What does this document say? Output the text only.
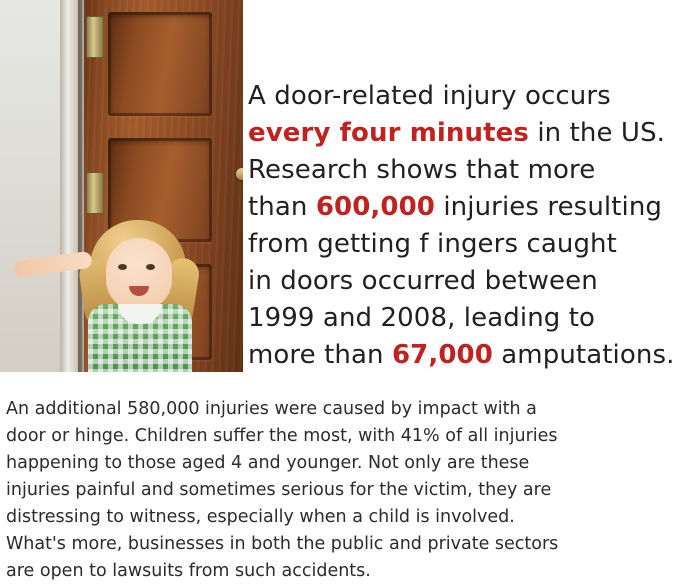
A door-related injury occurs
every four minutes in the US.
Research shows that more
than 600,000 injuries resulting
from getting f ingers caught
in doors occurred between
1999 and 2008, leading to
more than 67,000 amputations.
An additional 580,000 injuries were caused by impact with a
door or hinge. Children suffer the most, with 41% of all injuries
happening to those aged 4 and younger. Not only are these
injuries painful and sometimes serious for the victim, they are
distressing to witness, especially when a child is involved.
What's more, businesses in both the public and private sectors
are open to lawsuits from such accidents.
